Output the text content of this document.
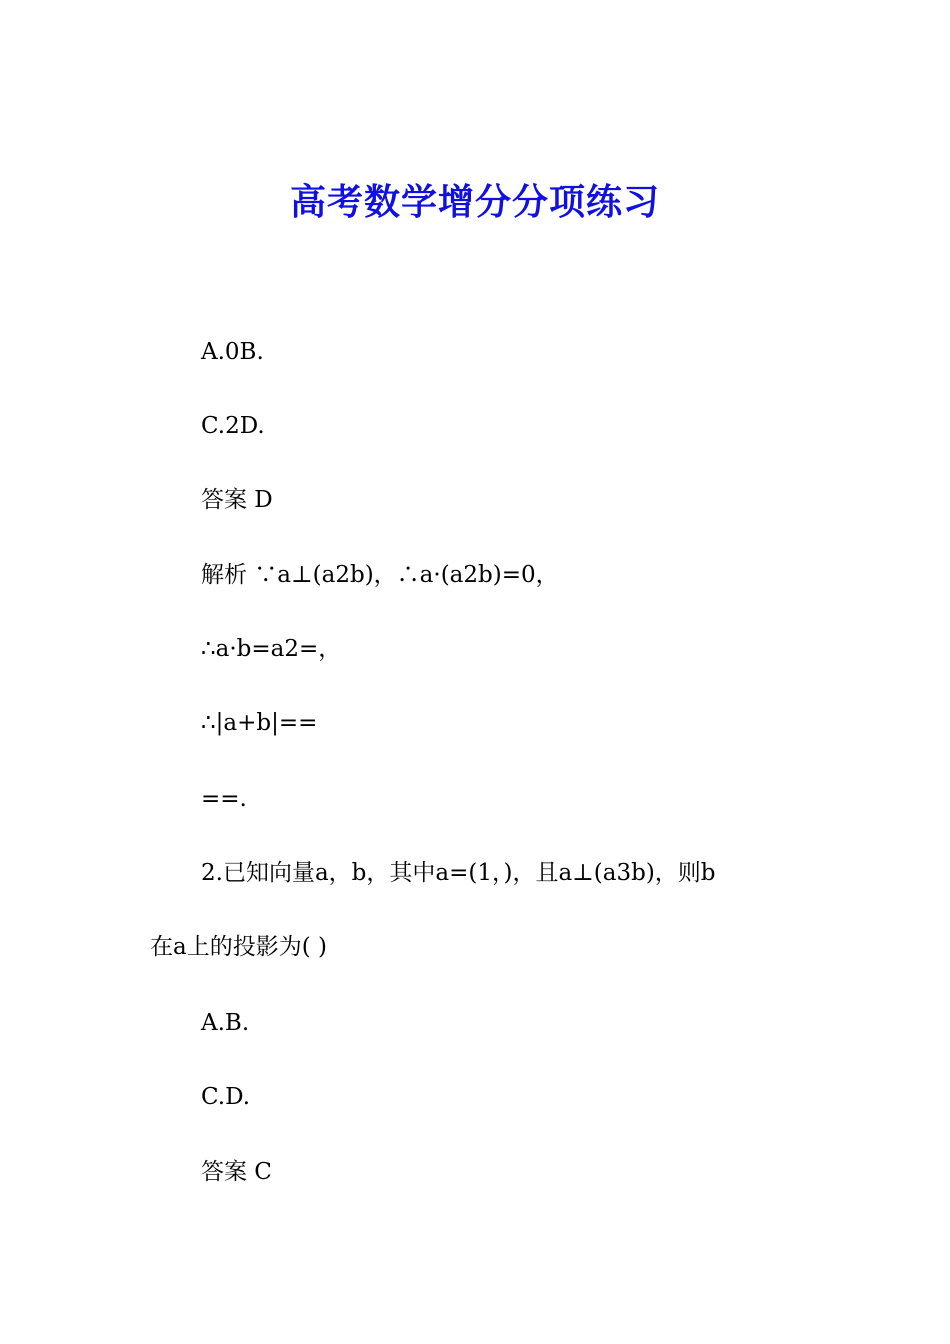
高考数学增分分项练习
A.0B.
C.2D.
答案 D
解析 ∵a⊥(a2b)，∴a·(a2b)=0，
∴a·b=a2=，
∴|a+b|==
==.
2.已知向量a，b，其中a=(1，)，且a⊥(a3b)，则b
在a上的投影为( )
A.B.
C.D.
答案 C
